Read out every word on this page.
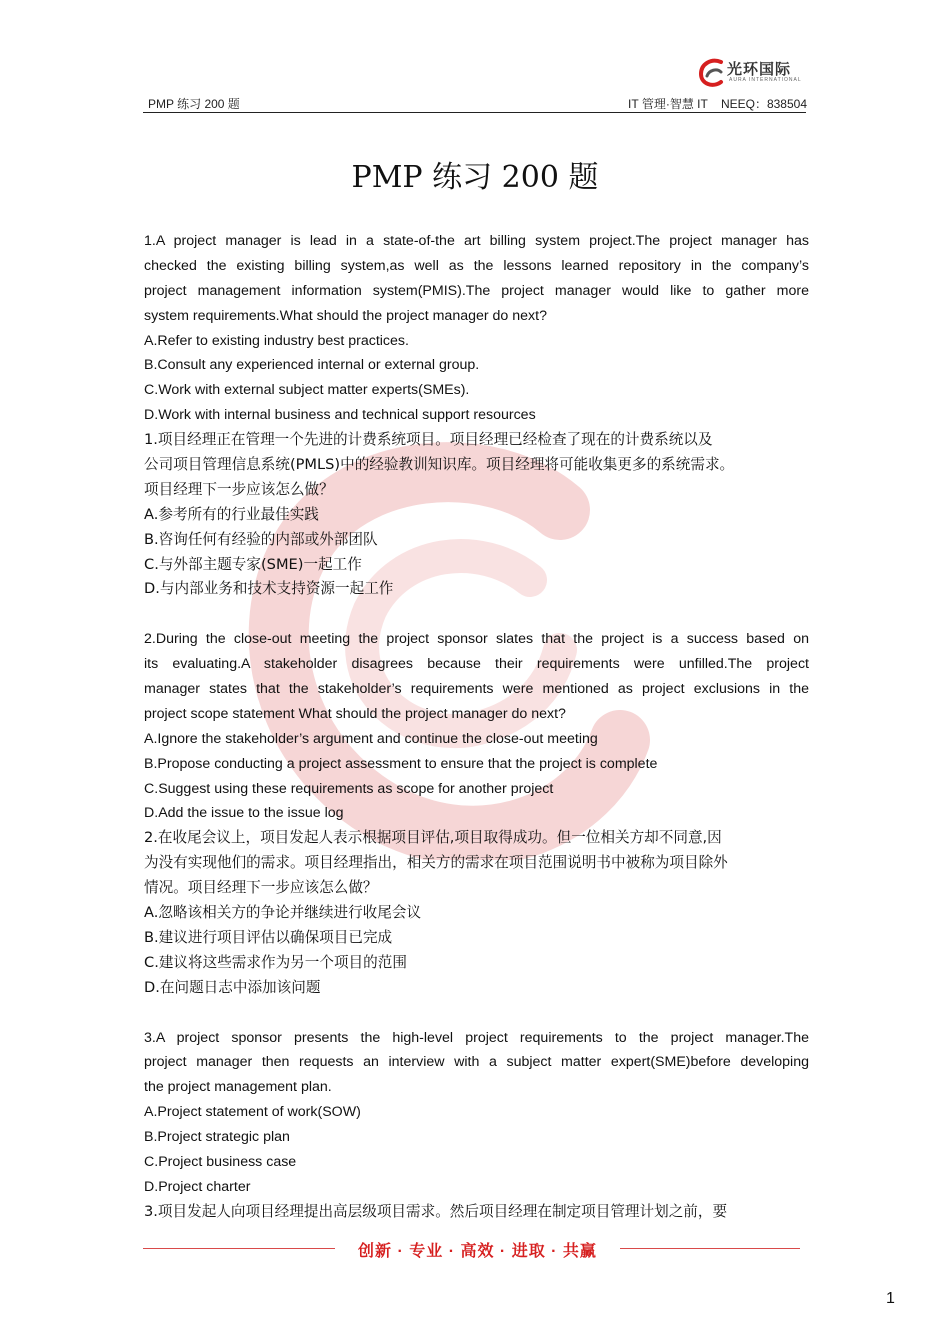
光环国际
AURA INTERNATIONAL
PMP 练习 200 题	IT 管理·智慧 IT    NEEQ：838504
PMP 练习 200 题
1.A project manager is lead in a state-of-the art billing system project.The project manager has
checked the existing billing system,as well as the lessons learned repository in the company’s
project management information system(PMIS).The project manager would like to gather more
system requirements.What should the project manager do next?
A.Refer to existing industry best practices.
B.Consult any experienced internal or external group.
C.Work with external subject matter experts(SMEs).
D.Work with internal business and technical support resources
1.项目经理正在管理一个先进的计费系统项目。项目经理已经检查了现在的计费系统以及
公司项目管理信息系统(PMLS)中的经验教训知识库。项目经理将可能收集更多的系统需求。
项目经理下一步应该怎么做？
A.参考所有的行业最佳实践
B.咨询任何有经验的内部或外部团队
C.与外部主题专家(SME)一起工作
D.与内部业务和技术支持资源一起工作
2.During the close-out meeting the project sponsor slates that the project is a success based on
its evaluating.A stakeholder disagrees because their requirements were unfilled.The project
manager states that the stakeholder’s requirements were mentioned as project exclusions in the
project scope statement What should the project manager do next?
A.Ignore the stakeholder’s argument and continue the close-out meeting
B.Propose conducting a project assessment to ensure that the project is complete
C.Suggest using these requirements as scope for another project
D.Add the issue to the issue log
2.在收尾会议上，项目发起人表示根据项目评估,项目取得成功。但一位相关方却不同意,因
为没有实现他们的需求。项目经理指出，相关方的需求在项目范围说明书中被称为项目除外
情况。项目经理下一步应该怎么做？
A.忽略该相关方的争论并继续进行收尾会议
B.建议进行项目评估以确保项目已完成
C.建议将这些需求作为另一个项目的范围
D.在问题日志中添加该问题
3.A project sponsor presents the high-level project requirements to the project manager.The
project manager then requests an interview with a subject matter expert(SME)before developing
the project management plan.
A.Project statement of work(SOW)
B.Project strategic plan
C.Project business case
D.Project charter
3.项目发起人向项目经理提出高层级项目需求。然后项目经理在制定项目管理计划之前，要
创新 · 专业 · 高效 · 进取 · 共赢
1
